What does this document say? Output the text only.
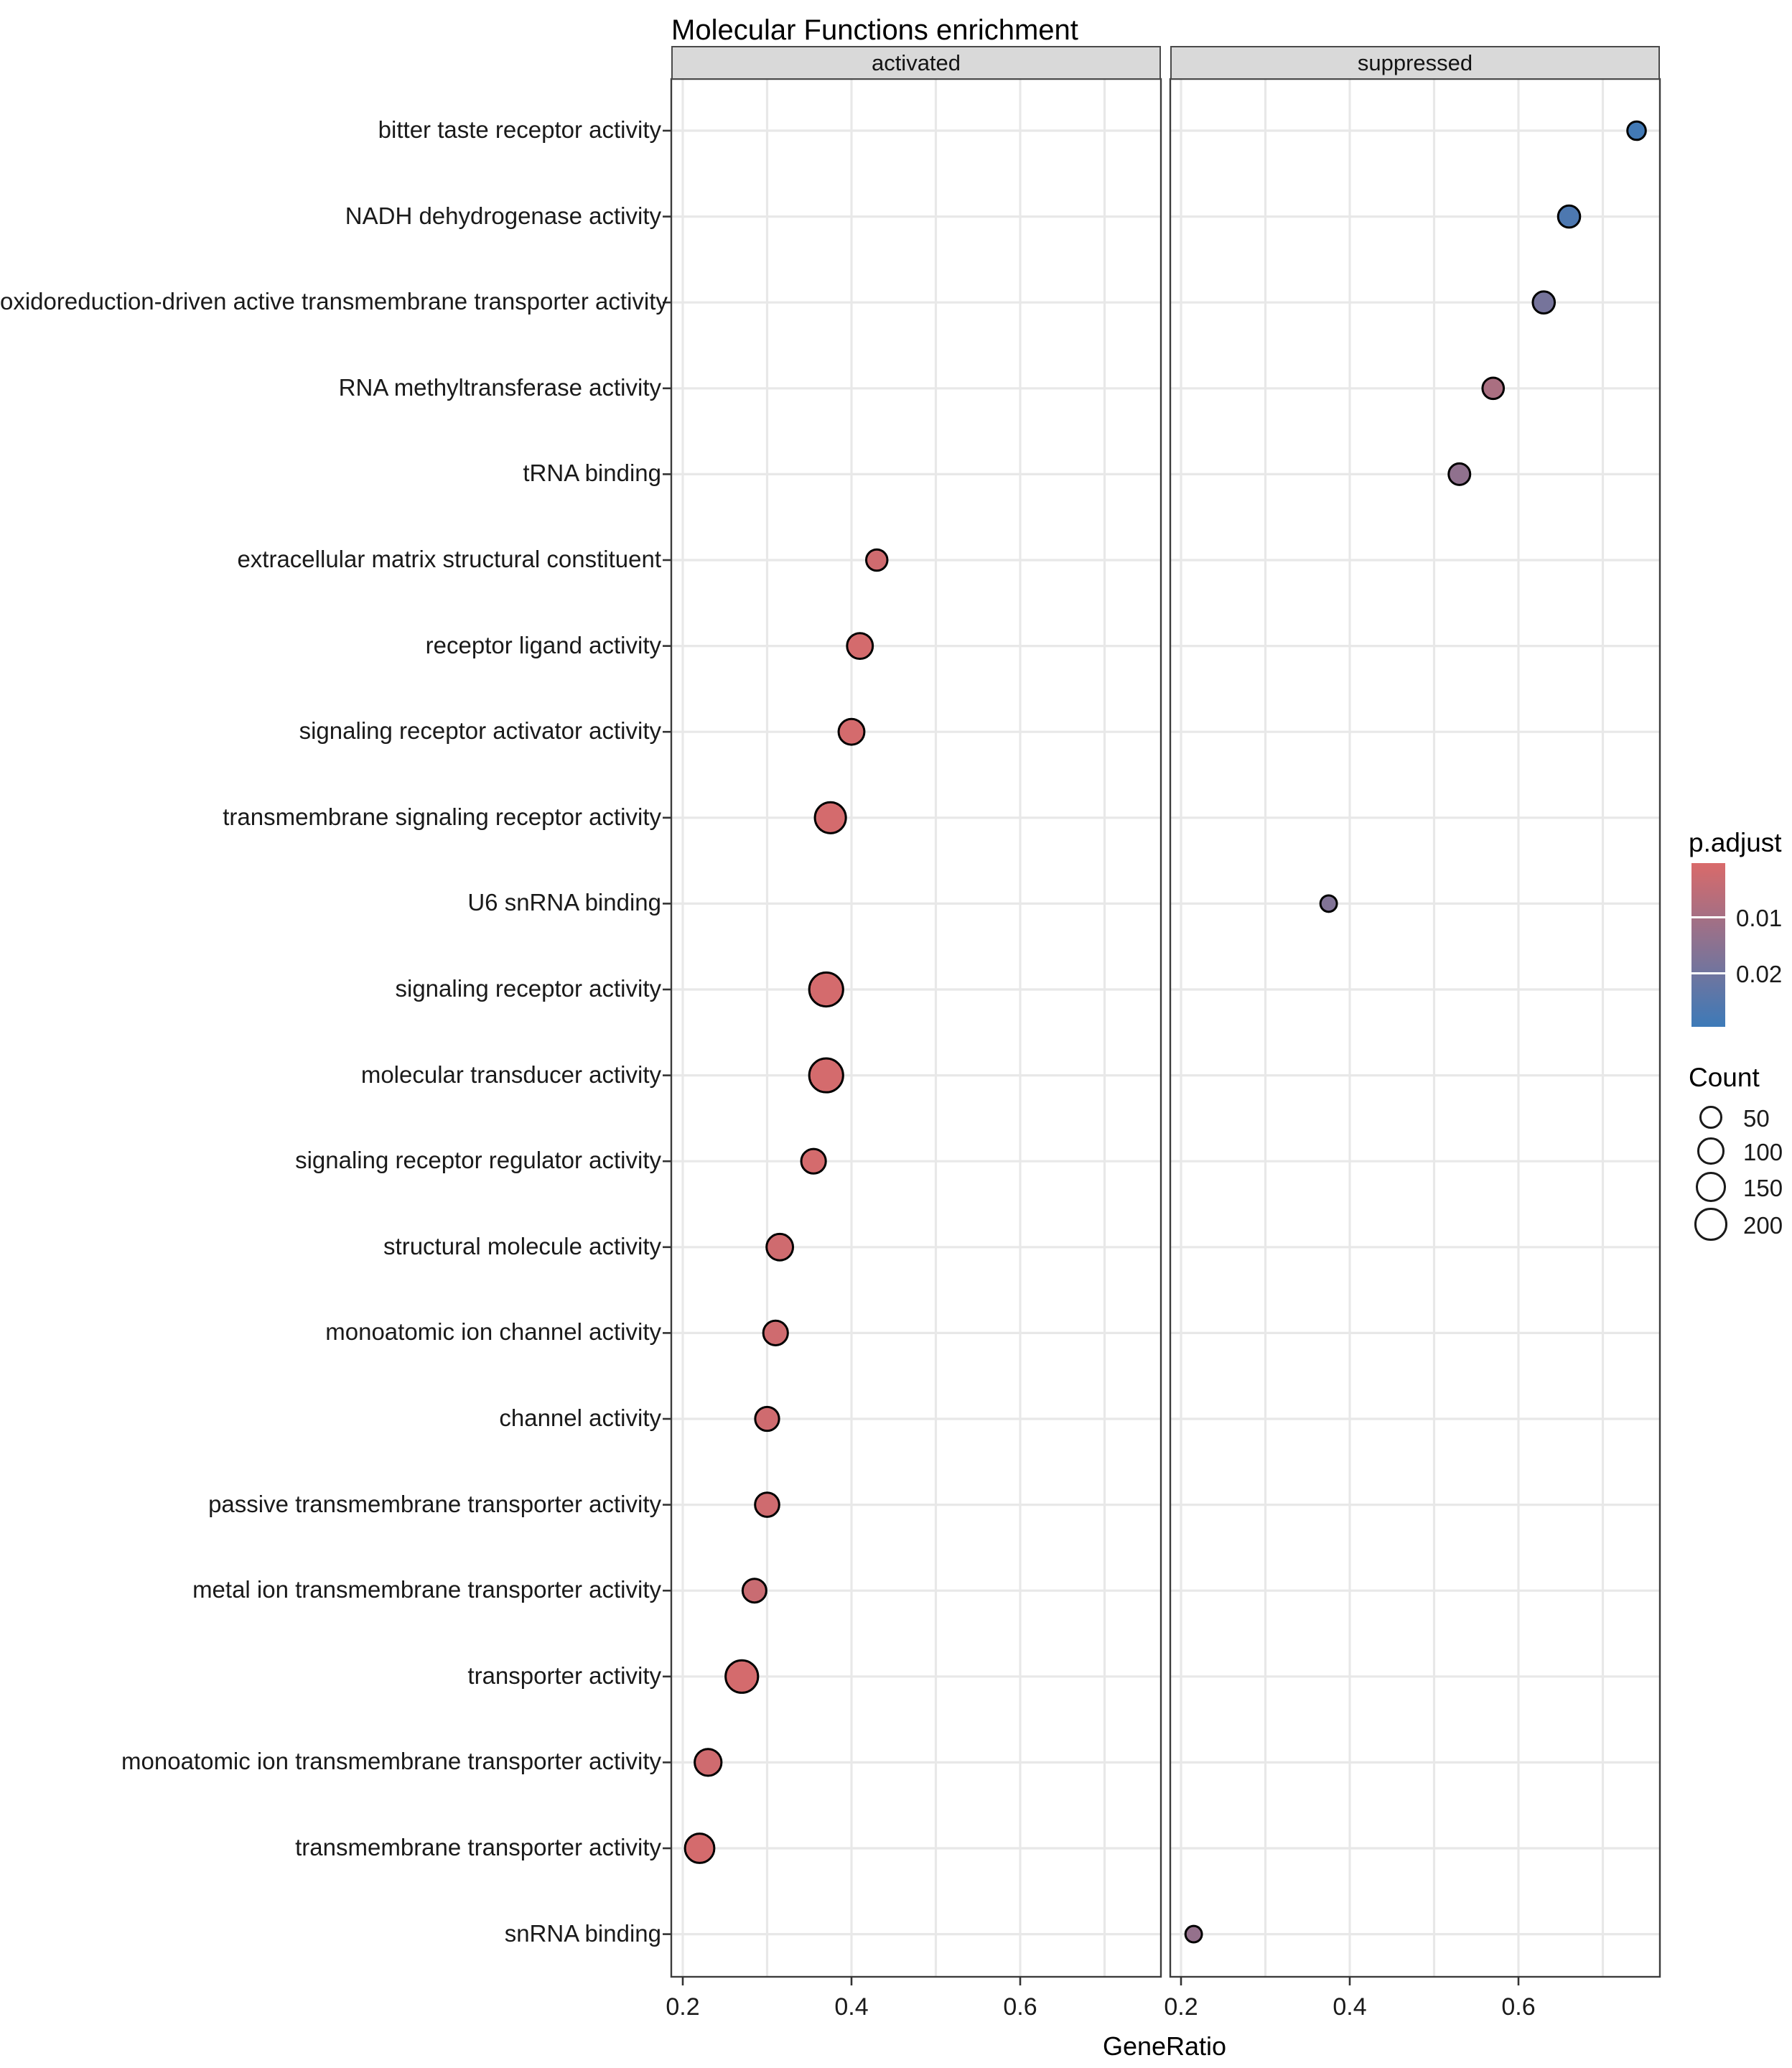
Molecular Functions enrichment
activated	suppressed
bitter taste receptor activity
NADH dehydrogenase activity
oxidoreduction-driven active transmembrane transporter activity
RNA methyltransferase activity
tRNA binding
extracellular matrix structural constituent
receptor ligand activity
signaling receptor activator activity
transmembrane signaling receptor activity
U6 snRNA binding
signaling receptor activity
molecular transducer activity
signaling receptor regulator activity
structural molecule activity
monoatomic ion channel activity
channel activity
passive transmembrane transporter activity
metal ion transmembrane transporter activity
transporter activity
monoatomic ion transmembrane transporter activity
transmembrane transporter activity
snRNA binding
0.2	0.4	0.6	0.2	0.4	0.6
GeneRatio
p.adjust
0.01
0.02
Count
50
100
150
200
